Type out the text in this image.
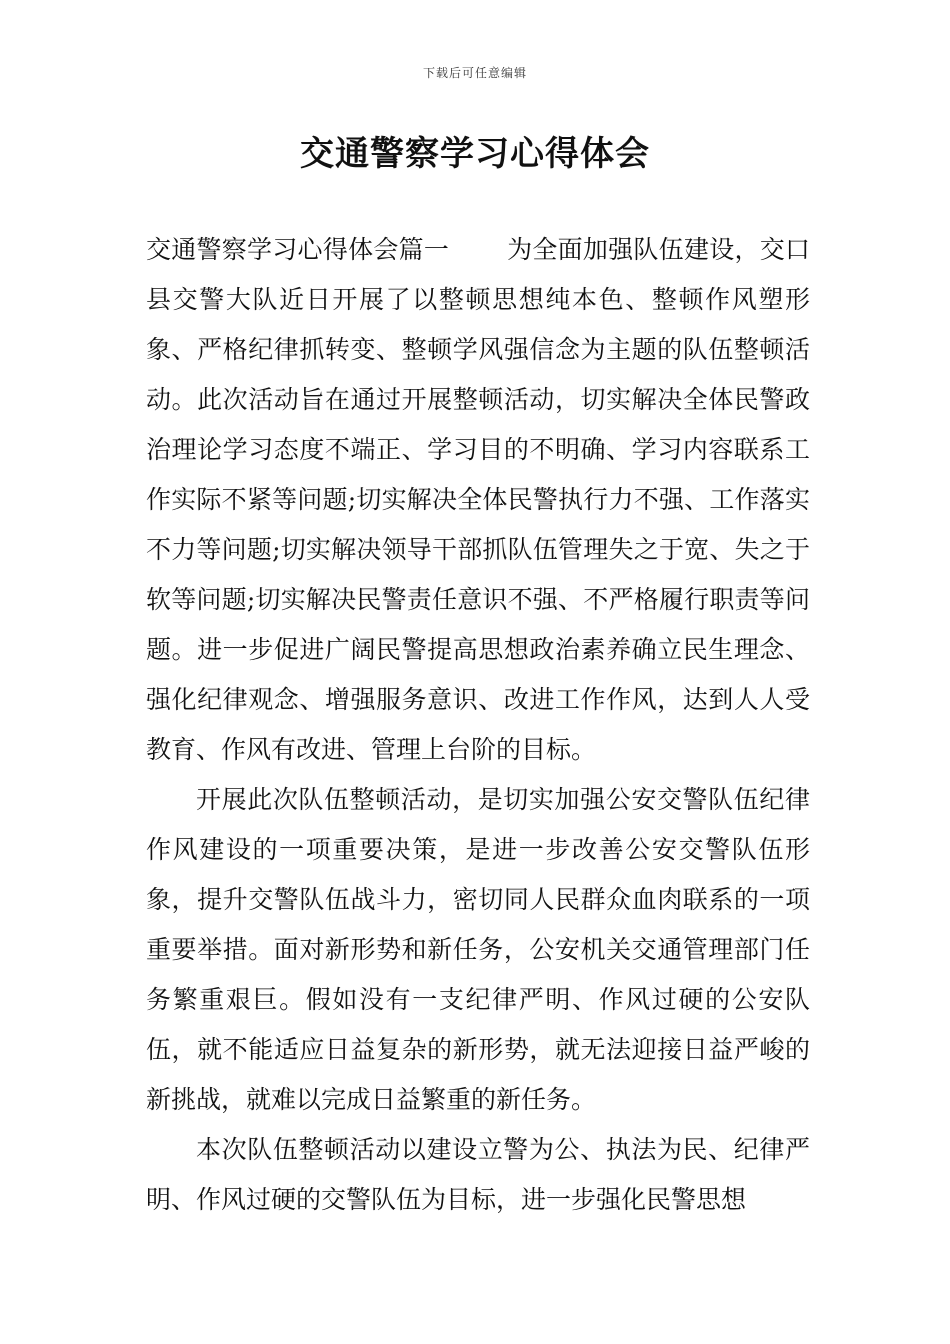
下载后可任意编辑
交通警察学习心得体会

交通警察学习心得体会篇一 为全面加强队伍建设，交口县交警大队近日开展了以整顿思想纯本色、整顿作风塑形象、严格纪律抓转变、整顿学风强信念为主题的队伍整顿活动。此次活动旨在通过开展整顿活动，切实解决全体民警政治理论学习态度不端正、学习目的不明确、学习内容联系工作实际不紧等问题;切实解决全体民警执行力不强、工作落实不力等问题;切实解决领导干部抓队伍管理失之于宽、失之于软等问题;切实解决民警责任意识不强、不严格履行职责等问题。进一步促进广阔民警提高思想政治素养确立民生理念、强化纪律观念、增强服务意识、改进工作作风，达到人人受教育、作风有改进、管理上台阶的目标。

开展此次队伍整顿活动，是切实加强公安交警队伍纪律作风建设的一项重要决策，是进一步改善公安交警队伍形象，提升交警队伍战斗力，密切同人民群众血肉联系的一项重要举措。面对新形势和新任务，公安机关交通管理部门任务繁重艰巨。假如没有一支纪律严明、作风过硬的公安队伍，就不能适应日益复杂的新形势，就无法迎接日益严峻的新挑战，就难以完成日益繁重的新任务。

本次队伍整顿活动以建设立警为公、执法为民、纪律严明、作风过硬的交警队伍为目标，进一步强化民警思想
